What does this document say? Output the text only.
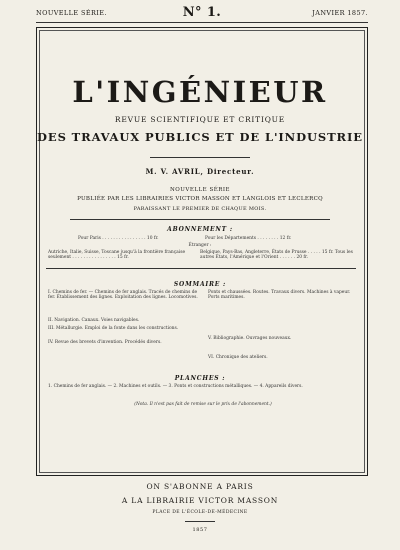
NOUVELLE SÉRIE.	N° 1.	JANVIER 1857.
L'INGÉNIEUR
REVUE SCIENTIFIQUE ET CRITIQUE
DES TRAVAUX PUBLICS ET DE L'INDUSTRIE
M. V. AVRIL, Directeur.
NOUVELLE SÉRIE
PUBLIÉE PAR LES LIBRAIRIES VICTOR MASSON ET LANGLOIS ET LECLERCQ
PARAISSANT LE PREMIER DE CHAQUE MOIS.
ABONNEMENT :
Pour Paris . . . . . . . . . . . . . . . . 10 fr.	Pour les Départements . . . . . . . . 12 fr.
Étranger :
Autriche, Italie, Suisse, Toscane jusqu'à la frontière française seulement . . . . . . . . . . . . . . . . 15 fr.
Belgique, Pays-Bas, Angleterre, États de Prusse . . . . . 15 fr. Tous les autres États, l'Amérique et l'Orient . . . . . . 20 fr.
SOMMAIRE :
I. Chemins de fer. — Chemins de fer anglais. Tracés de chemins de fer. Établissement des lignes. Exploitation des lignes. Locomotives.
II. Navigation. Canaux. Voies navigables.
III. Métallurgie. Emploi de la fonte dans les constructions.
IV. Revue des brevets d'invention. Procédés divers.
Ponts et chaussées. Routes. Travaux divers. Machines à vapeur. Ports maritimes.
V. Bibliographie. Ouvrages nouveaux.
VI. Chronique des ateliers.
PLANCHES :
1. Chemins de fer anglais. — 2. Machines et outils. — 3. Ponts et constructions métalliques. — 4. Appareils divers.
(Nota. Il n'est pas fait de remise sur le prix de l'abonnement.)
ON S'ABONNE A PARIS
A LA LIBRAIRIE VICTOR MASSON
PLACE DE L'ÉCOLE-DE-MÉDECINE
1857
